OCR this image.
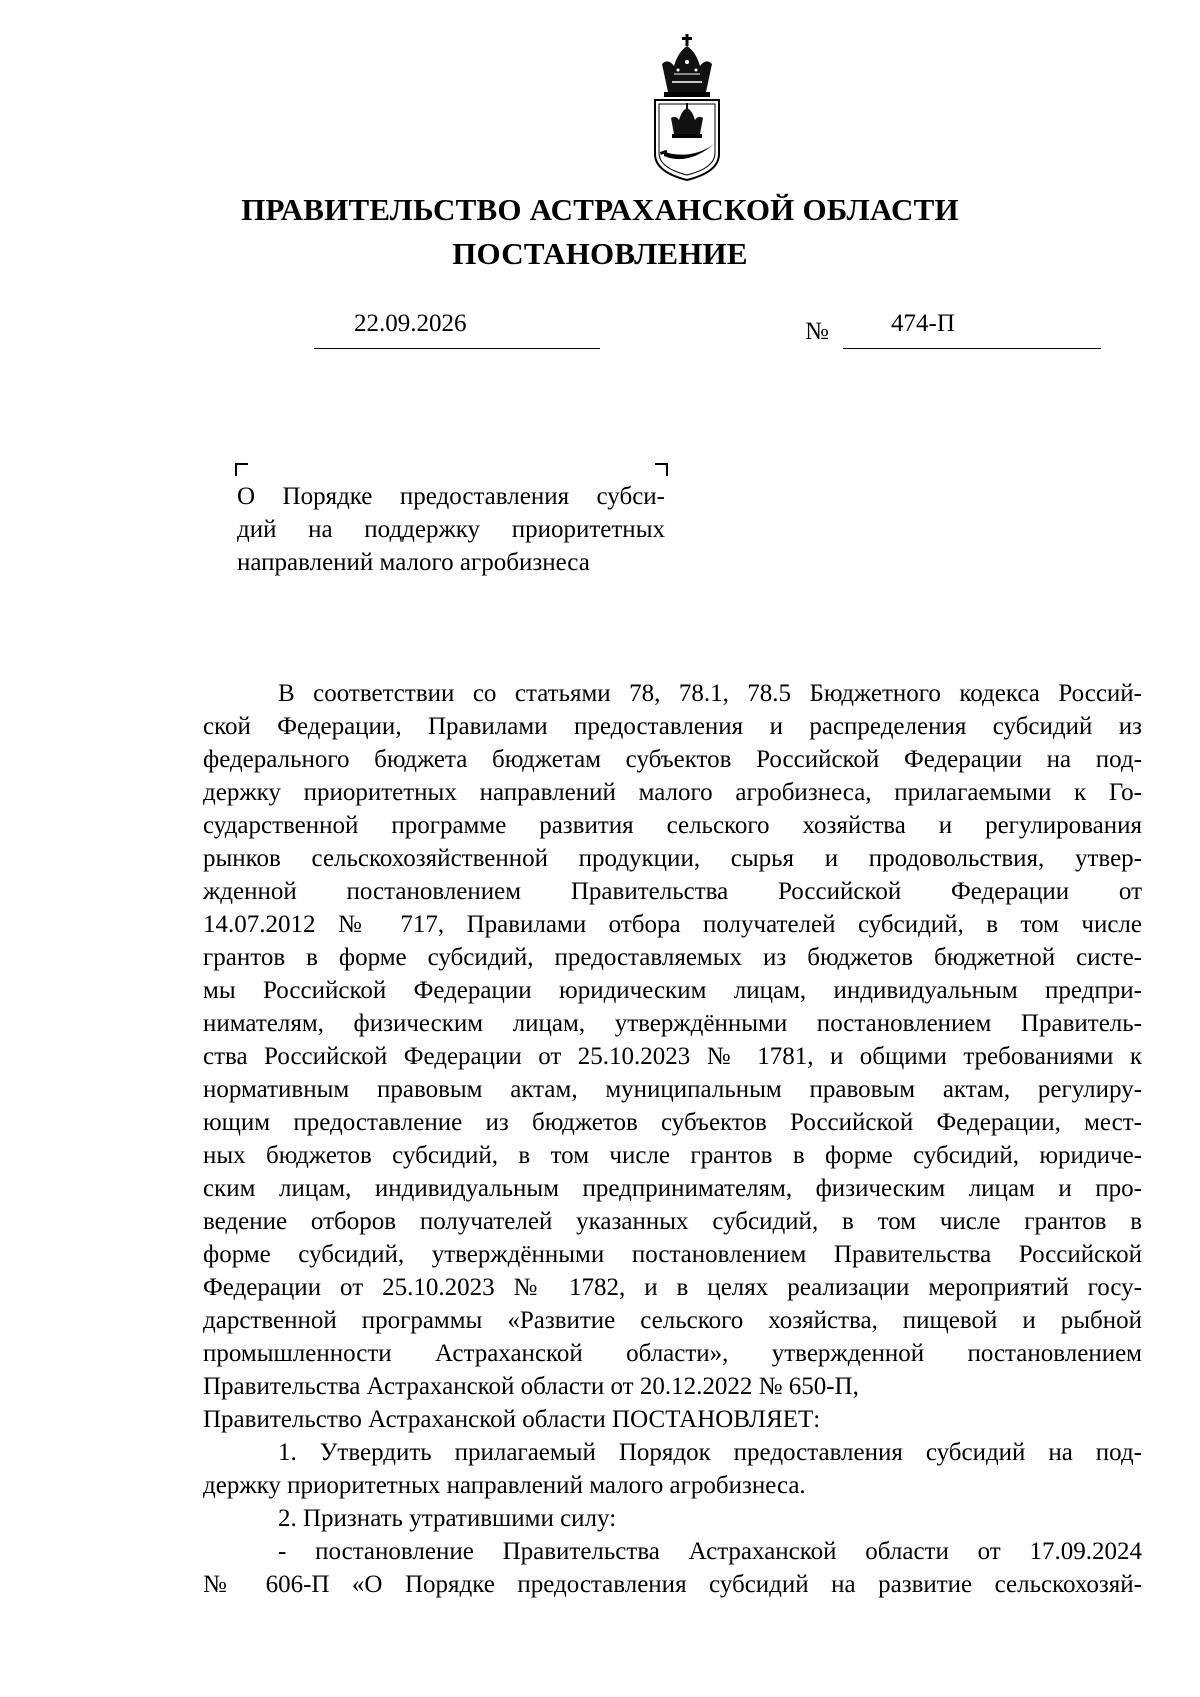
ПРАВИТЕЛЬСТВО АСТРАХАНСКОЙ ОБЛАСТИ
ПОСТАНОВЛЕНИЕ
22.09.2026	№ 474-П
О Порядке предоставления субси-
дий на поддержку приоритетных
направлений малого агробизнеса
В соответствии со статьями 78, 78.1, 78.5 Бюджетного кодекса Россий-
ской Федерации, Правилами предоставления и распределения субсидий из
федерального бюджета бюджетам субъектов Российской Федерации на под-
держку приоритетных направлений малого агробизнеса, прилагаемыми к Го-
сударственной программе развития сельского хозяйства и регулирования
рынков сельскохозяйственной продукции, сырья и продовольствия, утвер-
жденной постановлением Правительства Российской Федерации от
14.07.2012 № 717, Правилами отбора получателей субсидий, в том числе
грантов в форме субсидий, предоставляемых из бюджетов бюджетной систе-
мы Российской Федерации юридическим лицам, индивидуальным предпри-
нимателям, физическим лицам, утверждёнными постановлением Правитель-
ства Российской Федерации от 25.10.2023 № 1781, и общими требованиями к
нормативным правовым актам, муниципальным правовым актам, регулиру-
ющим предоставление из бюджетов субъектов Российской Федерации, мест-
ных бюджетов субсидий, в том числе грантов в форме субсидий, юридиче-
ским лицам, индивидуальным предпринимателям, физическим лицам и про-
ведение отборов получателей указанных субсидий, в том числе грантов в
форме субсидий, утверждёнными постановлением Правительства Российской
Федерации от 25.10.2023 № 1782, и в целях реализации мероприятий госу-
дарственной программы «Развитие сельского хозяйства, пищевой и рыбной
промышленности Астраханской области», утвержденной постановлением
Правительства Астраханской области от 20.12.2022 № 650-П,
Правительство Астраханской области ПОСТАНОВЛЯЕТ:
1. Утвердить прилагаемый Порядок предоставления субсидий на под-
держку приоритетных направлений малого агробизнеса.
2. Признать утратившими силу:
- постановление Правительства Астраханской области от 17.09.2024
№ 606-П «О Порядке предоставления субсидий на развитие сельскохозяй-
